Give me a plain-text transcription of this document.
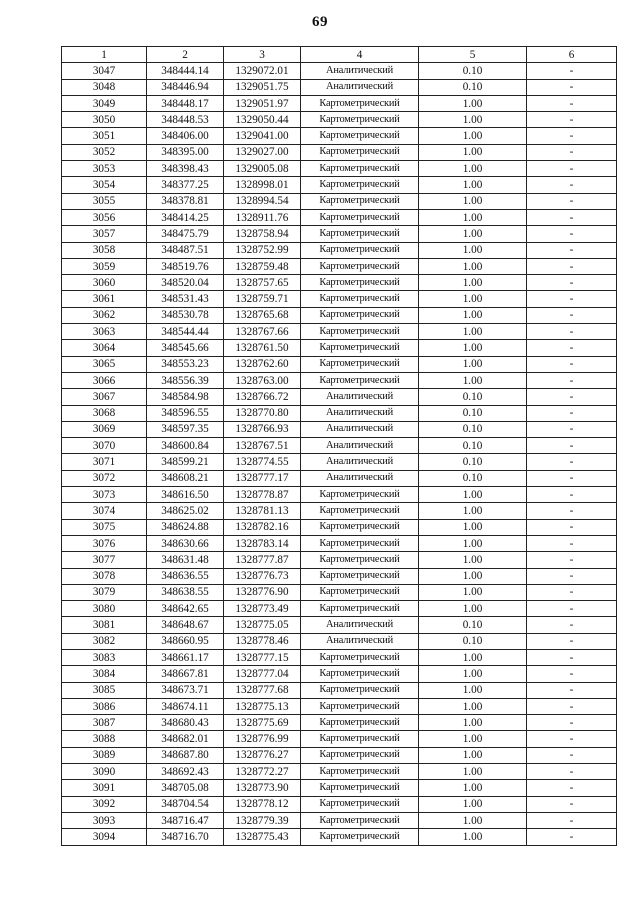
69
1	2	3	4	5	6
3047	348444.14	1329072.01	Аналитический	0.10	-
3048	348446.94	1329051.75	Аналитический	0.10	-
3049	348448.17	1329051.97	Картометрический	1.00	-
3050	348448.53	1329050.44	Картометрический	1.00	-
3051	348406.00	1329041.00	Картометрический	1.00	-
3052	348395.00	1329027.00	Картометрический	1.00	-
3053	348398.43	1329005.08	Картометрический	1.00	-
3054	348377.25	1328998.01	Картометрический	1.00	-
3055	348378.81	1328994.54	Картометрический	1.00	-
3056	348414.25	1328911.76	Картометрический	1.00	-
3057	348475.79	1328758.94	Картометрический	1.00	-
3058	348487.51	1328752.99	Картометрический	1.00	-
3059	348519.76	1328759.48	Картометрический	1.00	-
3060	348520.04	1328757.65	Картометрический	1.00	-
3061	348531.43	1328759.71	Картометрический	1.00	-
3062	348530.78	1328765.68	Картометрический	1.00	-
3063	348544.44	1328767.66	Картометрический	1.00	-
3064	348545.66	1328761.50	Картометрический	1.00	-
3065	348553.23	1328762.60	Картометрический	1.00	-
3066	348556.39	1328763.00	Картометрический	1.00	-
3067	348584.98	1328766.72	Аналитический	0.10	-
3068	348596.55	1328770.80	Аналитический	0.10	-
3069	348597.35	1328766.93	Аналитический	0.10	-
3070	348600.84	1328767.51	Аналитический	0.10	-
3071	348599.21	1328774.55	Аналитический	0.10	-
3072	348608.21	1328777.17	Аналитический	0.10	-
3073	348616.50	1328778.87	Картометрический	1.00	-
3074	348625.02	1328781.13	Картометрический	1.00	-
3075	348624.88	1328782.16	Картометрический	1.00	-
3076	348630.66	1328783.14	Картометрический	1.00	-
3077	348631.48	1328777.87	Картометрический	1.00	-
3078	348636.55	1328776.73	Картометрический	1.00	-
3079	348638.55	1328776.90	Картометрический	1.00	-
3080	348642.65	1328773.49	Картометрический	1.00	-
3081	348648.67	1328775.05	Аналитический	0.10	-
3082	348660.95	1328778.46	Аналитический	0.10	-
3083	348661.17	1328777.15	Картометрический	1.00	-
3084	348667.81	1328777.04	Картометрический	1.00	-
3085	348673.71	1328777.68	Картометрический	1.00	-
3086	348674.11	1328775.13	Картометрический	1.00	-
3087	348680.43	1328775.69	Картометрический	1.00	-
3088	348682.01	1328776.99	Картометрический	1.00	-
3089	348687.80	1328776.27	Картометрический	1.00	-
3090	348692.43	1328772.27	Картометрический	1.00	-
3091	348705.08	1328773.90	Картометрический	1.00	-
3092	348704.54	1328778.12	Картометрический	1.00	-
3093	348716.47	1328779.39	Картометрический	1.00	-
3094	348716.70	1328775.43	Картометрический	1.00	-
